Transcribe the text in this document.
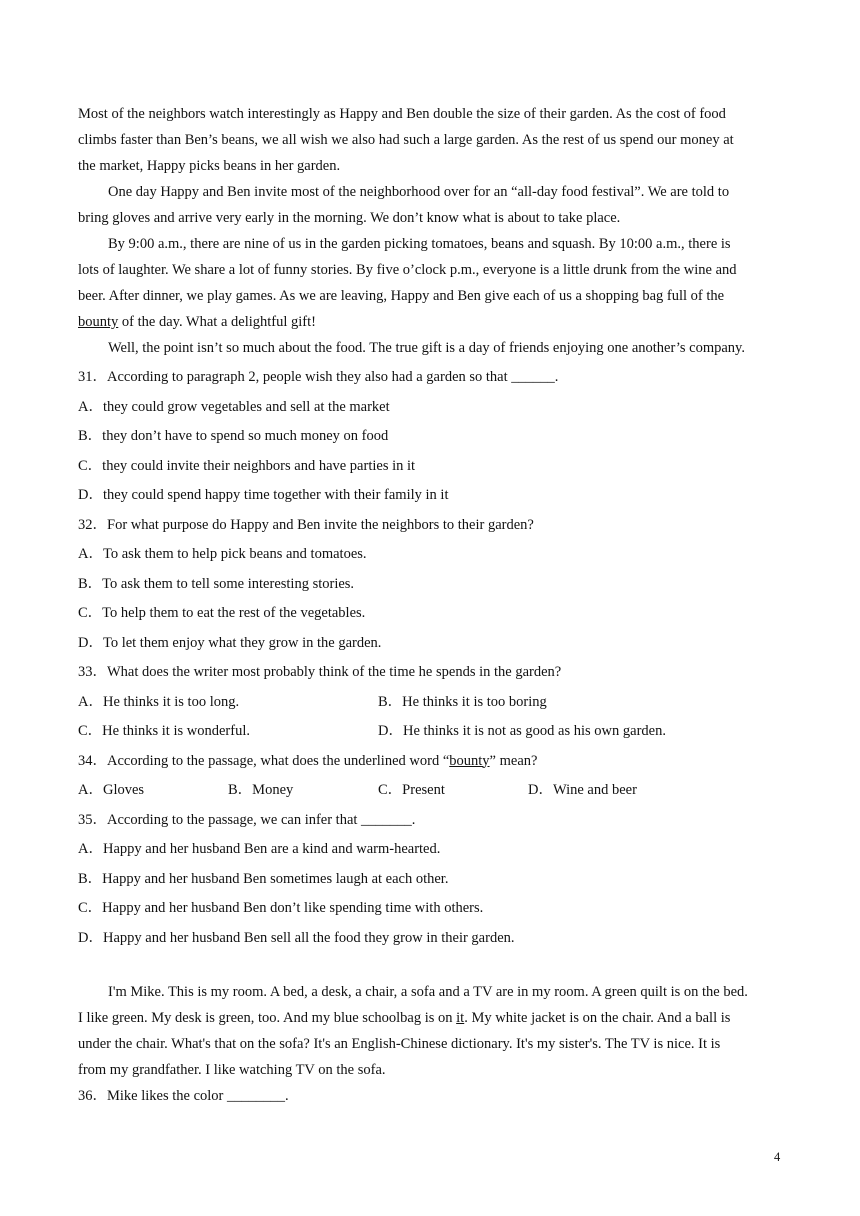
Most of the neighbors watch interestingly as Happy and Ben double the size of their garden. As the cost of food
climbs faster than Ben’s beans, we all wish we also had such a large garden. As the rest of us spend our money at
the market, Happy picks beans in her garden.
One day Happy and Ben invite most of the neighborhood over for an “all-day food festival”. We are told to
bring gloves and arrive very early in the morning. We don’t know what is about to take place.
By 9:00 a.m., there are nine of us in the garden picking tomatoes, beans and squash. By 10:00 a.m., there is
lots of laughter. We share a lot of funny stories. By five o’clock p.m., everyone is a little drunk from the wine and
beer. After dinner, we play games. As we are leaving, Happy and Ben give each of us a shopping bag full of the
bounty of the day. What a delightful gift!
Well, the point isn’t so much about the food. The true gift is a day of friends enjoying one another’s company.
31．According to paragraph 2, people wish they also had a garden so that ______.
A．they could grow vegetables and sell at the market
B．they don’t have to spend so much money on food
C．they could invite their neighbors and have parties in it
D．they could spend happy time together with their family in it
32．For what purpose do Happy and Ben invite the neighbors to their garden?
A．To ask them to help pick beans and tomatoes.
B．To ask them to tell some interesting stories.
C．To help them to eat the rest of the vegetables.
D．To let them enjoy what they grow in the garden.
33．What does the writer most probably think of the time he spends in the garden?
A．He thinks it is too long.	B．He thinks it is too boring
C．He thinks it is wonderful.	D．He thinks it is not as good as his own garden.
34．According to the passage, what does the underlined word “bounty” mean?
A．Gloves	B．Money	C．Present	D．Wine and beer
35．According to the passage, we can infer that _______.
A．Happy and her husband Ben are a kind and warm-hearted.
B．Happy and her husband Ben sometimes laugh at each other.
C．Happy and her husband Ben don’t like spending time with others.
D．Happy and her husband Ben sell all the food they grow in their garden.
I'm Mike. This is my room. A bed, a desk, a chair, a sofa and a TV are in my room. A green quilt is on the bed.
I like green. My desk is green, too. And my blue schoolbag is on it. My white jacket is on the chair. And a ball is
under the chair. What's that on the sofa? It's an English-Chinese dictionary. It's my sister's. The TV is nice. It is
from my grandfather. I like watching TV on the sofa.
36．Mike likes the color ________.
4
